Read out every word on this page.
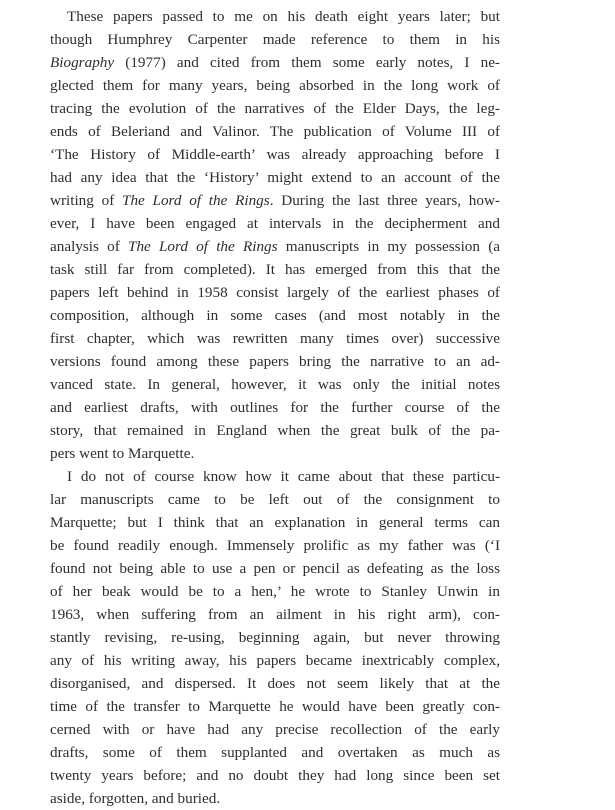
These papers passed to me on his death eight years later; but
though Humphrey Carpenter made reference to them in his
Biography (1977) and cited from them some early notes, I ne-
glected them for many years, being absorbed in the long work of
tracing the evolution of the narratives of the Elder Days, the leg-
ends of Beleriand and Valinor. The publication of Volume III of
‘The History of Middle-earth’ was already approaching before I
had any idea that the ‘History’ might extend to an account of the
writing of The Lord of the Rings. During the last three years, how-
ever, I have been engaged at intervals in the decipherment and
analysis of The Lord of the Rings manuscripts in my possession (a
task still far from completed). It has emerged from this that the
papers left behind in 1958 consist largely of the earliest phases of
composition, although in some cases (and most notably in the
first chapter, which was rewritten many times over) successive
versions found among these papers bring the narrative to an ad-
vanced state. In general, however, it was only the initial notes
and earliest drafts, with outlines for the further course of the
story, that remained in England when the great bulk of the pa-
pers went to Marquette.
I do not of course know how it came about that these particu-
lar manuscripts came to be left out of the consignment to
Marquette; but I think that an explanation in general terms can
be found readily enough. Immensely prolific as my father was (‘I
found not being able to use a pen or pencil as defeating as the loss
of her beak would be to a hen,’ he wrote to Stanley Unwin in
1963, when suffering from an ailment in his right arm), con-
stantly revising, re-using, beginning again, but never throwing
any of his writing away, his papers became inextricably complex,
disorganised, and dispersed. It does not seem likely that at the
time of the transfer to Marquette he would have been greatly con-
cerned with or have had any precise recollection of the early
drafts, some of them supplanted and overtaken as much as
twenty years before; and no doubt they had long since been set
aside, forgotten, and buried.
